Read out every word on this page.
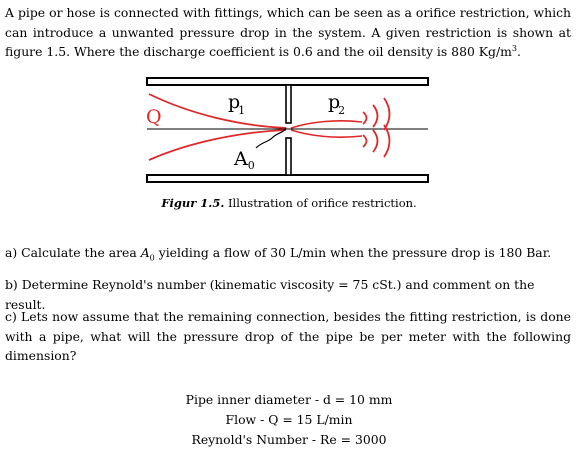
A pipe or hose is connected with fittings, which can be seen as a orifice restriction, which can introduce a unwanted pressure drop in the system. A given restriction is shown at figure 1.5. Where the discharge coefficient is 0.6 and the oil density is 880 $Kg/m^3$.
Q
p1	p2
$A_0$
Figur 1.5. Illustration of orifice restriction.
a) Calculate the area $A_0$ yielding a flow of 30 L/min when the pressure drop is 180 Bar.
b) Determine Reynold's number (kinematic viscosity = 75 cSt.) and comment on the result.
c) Lets now assume that the remaining connection, besides the fitting restriction, is done with a pipe, what will the pressure drop of the pipe be per meter with the following dimension?
Pipe inner diameter - d = 10 mm
Flow - Q = 15 L/min
Reynold's Number - Re = 3000
